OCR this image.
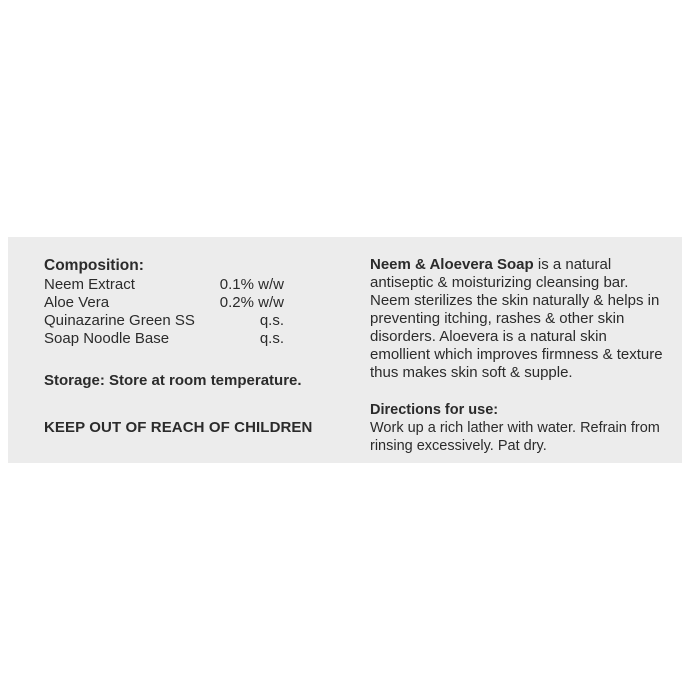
Composition:

Neem Extract	0.1% w/w
Aloe Vera	0.2% w/w
Quinazarine Green SS	q.s.
Soap Noodle Base	q.s.
Storage: Store at room temperature.
KEEP OUT OF REACH OF CHILDREN

Neem & Aloevera Soap is a natural antiseptic & moisturizing cleansing bar. Neem sterilizes the skin naturally & helps in preventing itching, rashes & other skin disorders. Aloevera is a natural skin emollient which improves firmness & texture thus makes skin soft & supple.

Directions for use:

Work up a rich lather with water. Refrain from rinsing excessively. Pat dry.
